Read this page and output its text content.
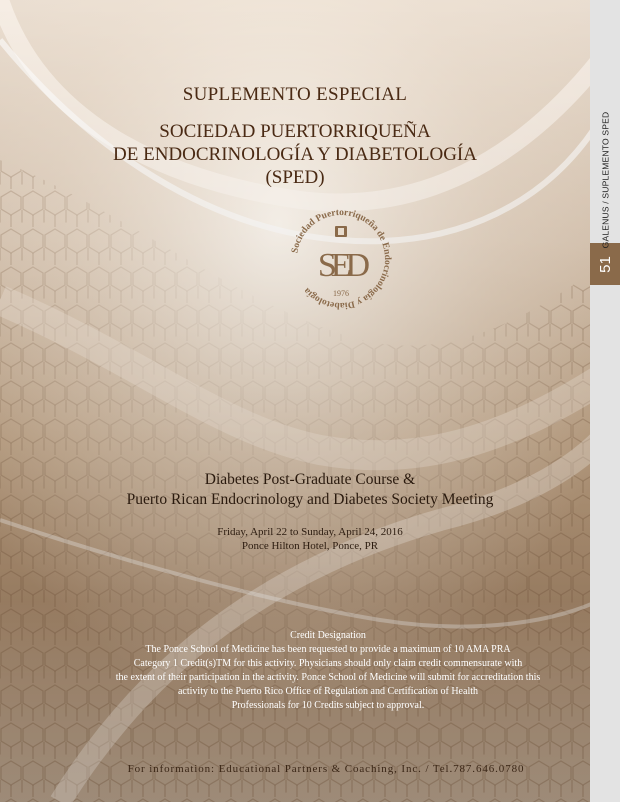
GALENUS / SUPLEMENTO SPED
51
SUPLEMENTO ESPECIAL
SOCIEDAD PUERTORRIQUEÑA
DE ENDOCRINOLOGÍA Y DIABETOLOGÍA
(SPED)
Sociedad Puertorriqueña de Endocrinología y Diabetología
SED
1976
Diabetes Post-Graduate Course &
Puerto Rican Endocrinology and Diabetes Society Meeting
Friday, April 22 to Sunday, April 24, 2016
Ponce Hilton Hotel, Ponce, PR
Credit Designation
The Ponce School of Medicine has been requested to provide a maximum of 10 AMA PRA
Category 1 Credit(s)TM for this activity. Physicians should only claim credit commensurate with
the extent of their participation in the activity. Ponce School of Medicine will submit for accreditation this
activity to the Puerto Rico Office of Regulation and Certification of Health
Professionals for 10 Credits subject to approval.
For information: Educational Partners & Coaching, Inc. / Tel.787.646.0780
